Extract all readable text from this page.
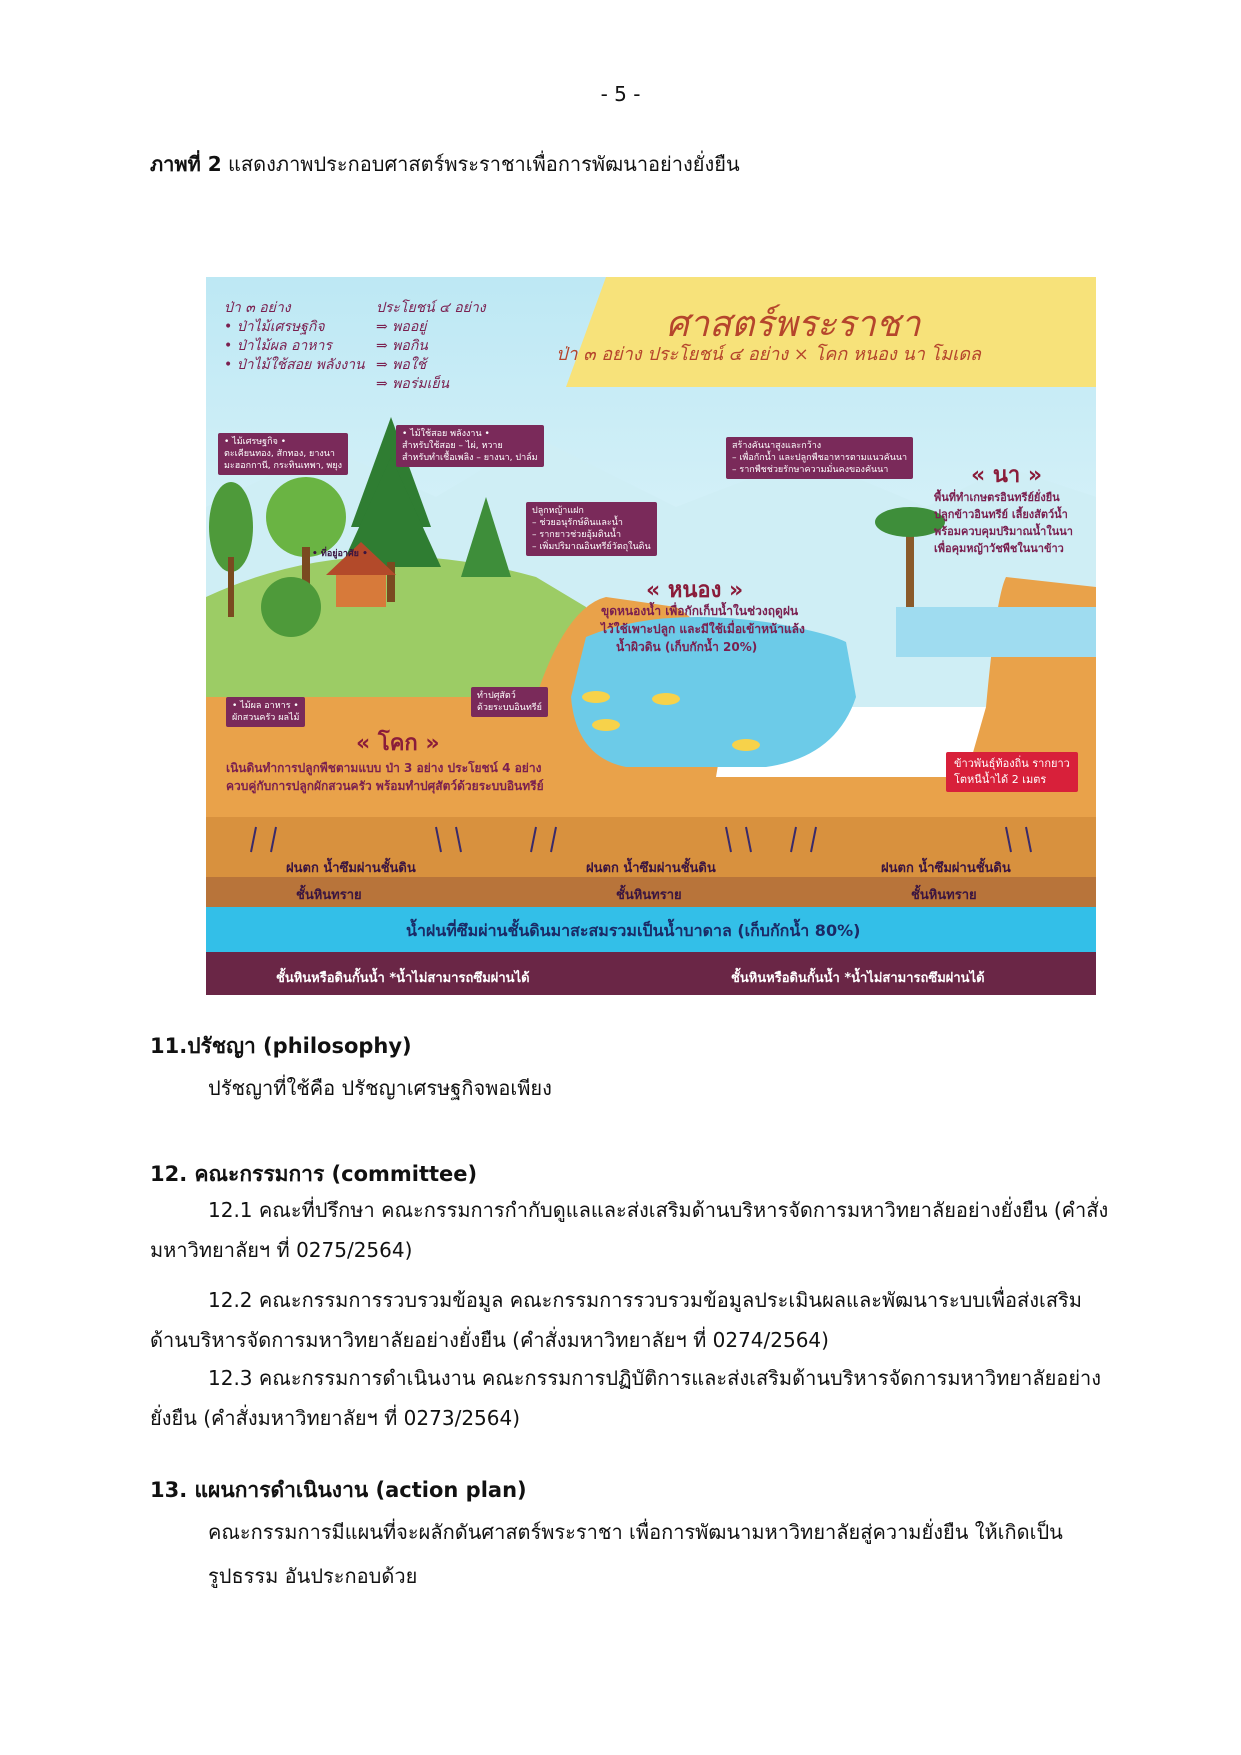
- 5 -
ภาพที่ 2 แสดงภาพประกอบศาสตร์พระราชาเพื่อการพัฒนาอย่างยั่งยืน
ศาสตร์พระราชา
ป่า ๓ อย่าง ประโยชน์ ๔ อย่าง × โคก หนอง นา โมเดล
ป่า ๓ อย่าง
• ป่าไม้เศรษฐกิจ
• ป่าไม้ผล อาหาร
• ป่าไม้ใช้สอย พลังงาน
ประโยชน์ ๔ อย่าง
⇒ พออยู่
⇒ พอกิน
⇒ พอใช้
⇒ พอร่มเย็น
• ไม้เศรษฐกิจ •
ตะเคียนทอง, สักทอง, ยางนา
มะฮอกกานี, กระทินเทพา, พยุง
• ไม้ใช้สอย พลังงาน •
สำหรับใช้สอย – ไผ่, หวาย
สำหรับทำเชื้อเพลิง – ยางนา, ปาล์ม
ปลูกหญ้าแฝก
– ช่วยอนุรักษ์ดินและน้ำ
– รากยาวช่วยอุ้มดินน้ำ
– เพิ่มปริมาณอินทรีย์วัตถุในดิน
สร้างคันนาสูงและกว้าง
– เพื่อกักน้ำ และปลูกพืชอาหารตามแนวคันนา
– รากพืชช่วยรักษาความมั่นคงของคันนา
• ที่อยู่อาศัย •
• ไม้ผล อาหาร •
ผักสวนครัว ผลไม้
ทำปศุสัตว์
ด้วยระบบอินทรีย์
« โคก »
เนินดินทำการปลูกพืชตามแบบ ป่า 3 อย่าง ประโยชน์ 4 อย่าง
ควบคู่กับการปลูกผักสวนครัว พร้อมทำปศุสัตว์ด้วยระบบอินทรีย์
« หนอง »
ขุดหนองน้ำ เพื่อกักเก็บน้ำในช่วงฤดูฝน
ไว้ใช้เพาะปลูก และมีใช้เมื่อเข้าหน้าแล้ง
น้ำผิวดิน (เก็บกักน้ำ 20%)
« นา »
พื้นที่ทำเกษตรอินทรีย์ยั่งยืน
ปลูกข้าวอินทรีย์ เลี้ยงสัตว์น้ำ
พร้อมควบคุมปริมาณน้ำในนา
เพื่อคุมหญ้าวัชพืชในนาข้าว
ข้าวพันธุ์ท้องถิ่น รากยาว
โตหนีน้ำได้ 2 เมตร
ฝนตก น้ำซึมผ่านชั้นดิน	ฝนตก น้ำซึมผ่านชั้นดิน	ฝนตก น้ำซึมผ่านชั้นดิน
ชั้นหินทราย	ชั้นหินทราย	ชั้นหินทราย
น้ำฝนที่ซึมผ่านชั้นดินมาสะสมรวมเป็นน้ำบาดาล (เก็บกักน้ำ 80%)
ชั้นหินหรือดินกั้นน้ำ *น้ำไม่สามารถซึมผ่านได้	ชั้นหินหรือดินกั้นน้ำ *น้ำไม่สามารถซึมผ่านได้
11.ปรัชญา (philosophy)
ปรัชญาที่ใช้คือ ปรัชญาเศรษฐกิจพอเพียง
12. คณะกรรมการ (committee)
12.1 คณะที่ปรึกษา คณะกรรมการกำกับดูแลและส่งเสริมด้านบริหารจัดการมหาวิทยาลัยอย่างยั่งยืน (คำสั่งมหาวิทยาลัยฯ ที่ 0275/2564)
12.2 คณะกรรมการรวบรวมข้อมูล คณะกรรมการรวบรวมข้อมูลประเมินผลและพัฒนาระบบเพื่อส่งเสริมด้านบริหารจัดการมหาวิทยาลัยอย่างยั่งยืน (คำสั่งมหาวิทยาลัยฯ ที่ 0274/2564)
12.3 คณะกรรมการดำเนินงาน คณะกรรมการปฏิบัติการและส่งเสริมด้านบริหารจัดการมหาวิทยาลัยอย่างยั่งยืน (คำสั่งมหาวิทยาลัยฯ ที่ 0273/2564)
13. แผนการดำเนินงาน (action plan)
คณะกรรมการมีแผนที่จะผลักดันศาสตร์พระราชา เพื่อการพัฒนามหาวิทยาลัยสู่ความยั่งยืน ให้เกิดเป็น
รูปธรรม อันประกอบด้วย
